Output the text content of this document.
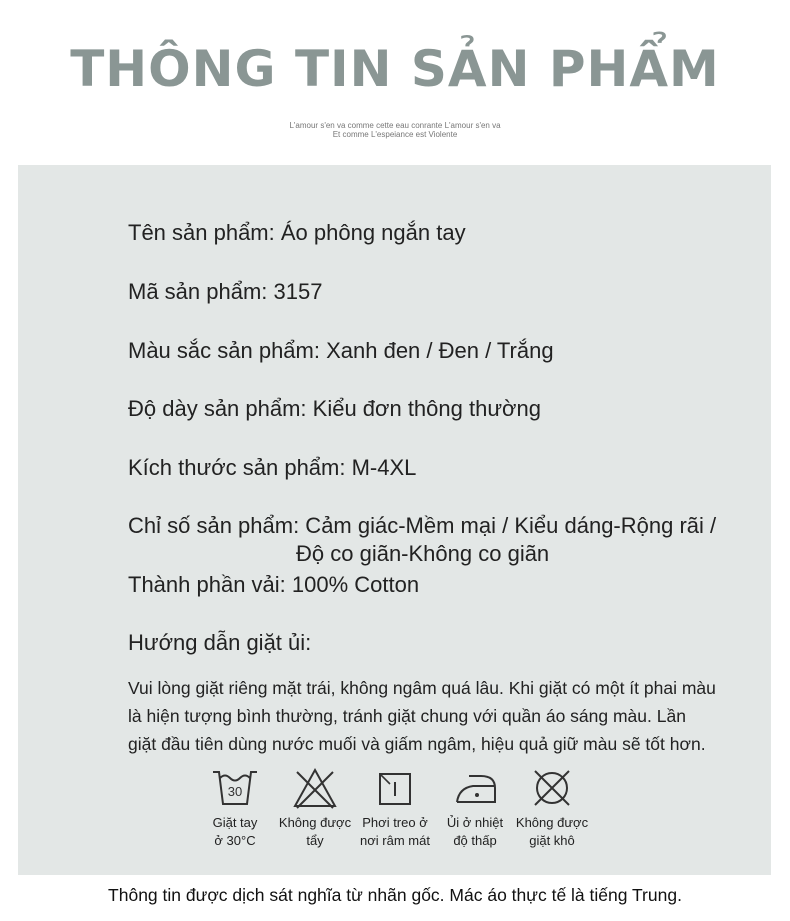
THÔNG TIN SẢN PHẨM
L'amour s'en va comme cette eau conrante L'amour s'en va
Et comme L'espeiance est Violente
Tên sản phẩm: Áo phông ngắn tay
Mã sản phẩm: 3157
Màu sắc sản phẩm: Xanh đen / Đen / Trắng
Độ dày sản phẩm: Kiểu đơn thông thường
Kích thước sản phẩm: M-4XL
Chỉ số sản phẩm: Cảm giác-Mềm mại / Kiểu dáng-Rộng rãi /
Độ co giãn-Không co giãn
Thành phần vải: 100% Cotton
Hướng dẫn giặt ủi:
Vui lòng giặt riêng mặt trái, không ngâm quá lâu. Khi giặt có một ít phai màu
là hiện tượng bình thường, tránh giặt chung với quần áo sáng màu. Lần
giặt đầu tiên dùng nước muối và giấm ngâm, hiệu quả giữ màu sẽ tốt hơn.
30
Giặt tay
ở 30°C
Không được
tẩy
Phơi treo ở
nơi râm mát
Ủi ở nhiệt
độ thấp
Không được
giặt khô
Thông tin được dịch sát nghĩa từ nhãn gốc. Mác áo thực tế là tiếng Trung.
